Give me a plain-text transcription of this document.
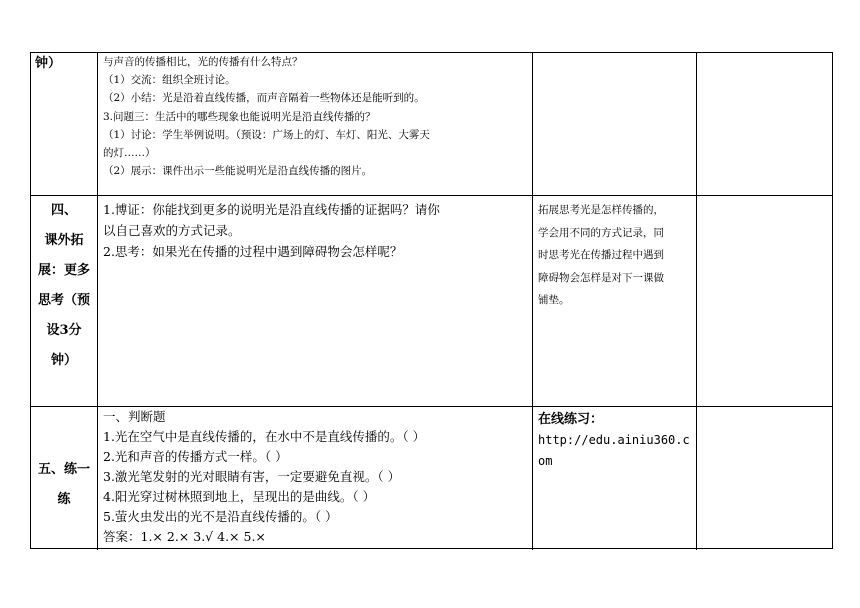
钟）	与声音的传播相比，光的传播有什么特点？
（1）交流：组织全班讨论。
（2）小结：光是沿着直线传播，而声音隔着一些物体还是能听到的。
3.问题三：生活中的哪些现象也能说明光是沿直线传播的？
（1）讨论：学生举例说明。（预设：广场上的灯、车灯、阳光、大雾天
的灯……）
（2）展示：课件出示一些能说明光是沿直线传播的图片。
四、
课外拓
展：更多
思考（预
设3分
钟）
1.博证：你能找到更多的说明光是沿直线传播的证据吗？请你
以自己喜欢的方式记录。
2.思考：如果光在传播的过程中遇到障碍物会怎样呢？
拓展思考光是怎样传播的，
学会用不同的方式记录，同
时思考光在传播过程中遇到
障碍物会怎样是对下一课做
铺垫。
五、练一
练
一、判断题
1.光在空气中是直线传播的，在水中不是直线传播的。（ ）
2.光和声音的传播方式一样。（ ）
3.激光笔发射的光对眼睛有害，一定要避免直视。（ ）
4.阳光穿过树林照到地上，呈现出的是曲线。（ ）
5.萤火虫发出的光不是沿直线传播的。（ ）
答案：1.× 2.× 3.√ 4.× 5.×
在线练习：
http://edu.ainiu360.c
om
